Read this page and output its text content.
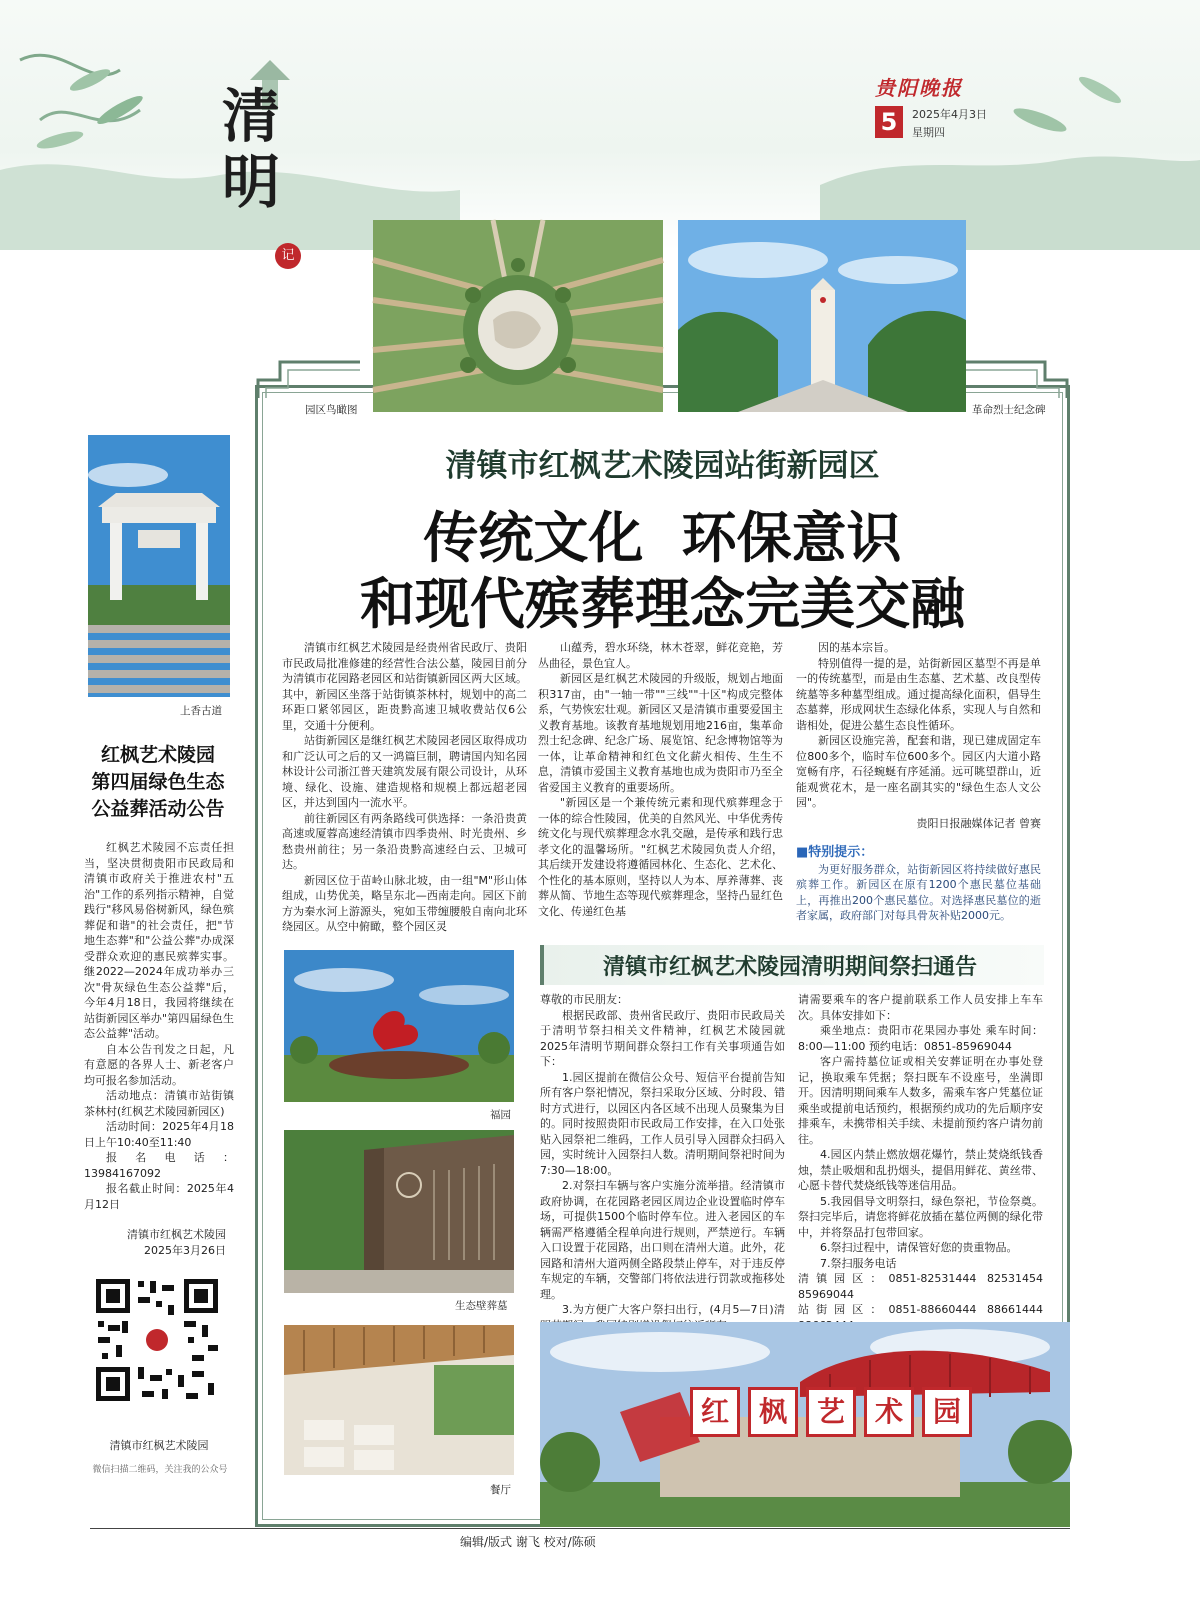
清明
记
贵阳晚报
5	2025年4月3日
星期四
园区鸟瞰图	革命烈士纪念碑
清镇市红枫艺术陵园站街新园区
传统文化  环保意识
和现代殡葬理念完美交融

清镇市红枫艺术陵园是经贵州省民政厅、贵阳市民政局批准修建的经营性合法公墓，陵园目前分为清镇市花园路老园区和站街镇新园区两大区域。其中，新园区坐落于站街镇茶林村，规划中的高二环距口紧邻园区，距贵黔高速卫城收费站仅6公里，交通十分便利。

站街新园区是继红枫艺术陵园老园区取得成功和广泛认可之后的又一鸿篇巨制，聘请国内知名园林设计公司浙江普天建筑发展有限公司设计，从环境、绿化、设施、建造规格和规模上都远超老园区，并达到国内一流水平。

前往新园区有两条路线可供选择：一条沿贵黄高速或厦蓉高速经清镇市四季贵州、时光贵州、乡愁贵州前往；另一条沿贵黔高速经白云、卫城可达。

新园区位于苗岭山脉北坡，由一组"M"形山体组成，山势优美，略呈东北—西南走向。园区下前方为秦水河上游源头，宛如玉带缠腰般自南向北环绕园区。从空中俯瞰，整个园区灵

山蕴秀，碧水环绕，林木苍翠，鲜花竞艳，芳丛曲径，景色宜人。

新园区是红枫艺术陵园的升级版，规划占地面积317亩，由"一轴一带""三线""十区"构成完整体系，气势恢宏壮观。新园区又是清镇市重要爱国主义教育基地。该教育基地规划用地216亩，集革命烈士纪念碑、纪念广场、展览馆、纪念博物馆等为一体，让革命精神和红色文化薪火相传、生生不息，清镇市爱国主义教育基地也成为贵阳市乃至全省爱国主义教育的重要场所。

"新园区是一个兼传统元素和现代殡葬理念于一体的综合性陵园，优美的自然风光、中华优秀传统文化与现代殡葬理念水乳交融，是传承和践行忠孝文化的温馨场所。"红枫艺术陵园负责人介绍，其后续开发建设将遵循园林化、生态化、艺术化、个性化的基本原则，坚持以人为本、厚养薄葬、丧葬从简、节地生态等现代殡葬理念，坚持凸显红色文化、传递红色基

因的基本宗旨。

特别值得一提的是，站街新园区墓型不再是单一的传统墓型，而是由生态墓、艺术墓、改良型传统墓等多种墓型组成。通过提高绿化面积，倡导生态墓葬，形成网状生态绿化体系，实现人与自然和谐相处，促进公墓生态良性循环。

新园区设施完善，配套和谐，现已建成固定车位800多个，临时车位600多个。园区内大道小路宽畅有序，石径蜿蜒有序延涌。远可眺望群山，近能观赏花木，是一座名副其实的"绿色生态人文公园"。

贵阳日报融媒体记者 曾赛
■特别提示：

为更好服务群众，站街新园区将持续做好惠民殡葬工作。新园区在原有1200个惠民墓位基础上，再推出200个惠民墓位。对选择惠民墓位的逝者家属，政府部门对每具骨灰补贴2000元。

福园
生态壁葬墓
餐厅
清镇市红枫艺术陵园清明期间祭扫通告

尊敬的市民朋友：

根据民政部、贵州省民政厅、贵阳市民政局关于清明节祭扫相关文件精神，红枫艺术陵园就2025年清明节期间群众祭扫工作有关事项通告如下：

1.园区提前在微信公众号、短信平台提前告知所有客户祭祀情况，祭扫采取分区域、分时段、错时方式进行，以园区内各区域不出现人员聚集为目的。同时按照贵阳市民政局工作安排，在入口处张贴入园祭祀二维码，工作人员引导入园群众扫码入园，实时统计入园祭扫人数。清明期间祭祀时间为7:30—18:00。

2.对祭扫车辆与客户实施分流举措。经清镇市政府协调，在花园路老园区周边企业设置临时停车场，可提供1500个临时停车位。进入老园区的车辆需严格遵循全程单向进行规则，严禁逆行。车辆入口设置于花园路，出口则在清州大道。此外，花园路和清州大道两侧全路段禁止停车，对于违反停车规定的车辆，交警部门将依法进行罚款或拖移处理。

3.为方便广大客户祭扫出行，(4月5—7日)清

请需要乘车的客户提前联系工作人员安排上车车次。具体安排如下：

乘坐地点：贵阳市花果园办事处 乘车时间：8:00—11:00 预约电话：0851-85969044

客户需持墓位证或相关安葬证明在办事处登记，换取乘车凭据；祭扫既车不设座号，坐满即开。因清明期间乘车人数多，需乘车客户凭墓位证乘坐或提前电话预约，根据预约成功的先后顺序安排乘车，未携带相关手续、未提前预约客户请勿前往。

4.园区内禁止燃放烟花爆竹，禁止焚烧纸钱香烛，禁止吸烟和乱扔烟头，提倡用鲜花、黄丝带、心愿卡替代焚烧纸钱等迷信用品。

5.我园倡导文明祭扫，绿色祭祀，节俭祭奠。祭扫完毕后，请您将鲜花放插在墓位两侧的绿化带中，并将祭品打包带回家。

6.祭扫过程中，请保管好您的贵重物品。

7.祭扫服务电话

清镇园区：0851-82531444 82531454 85969044
站街园区：0851-88660444 88661444
红	枫	艺	术	园
上香古道
红枫艺术陵园
第四届绿色生态
公益葬活动公告

红枫艺术陵园不忘责任担当，坚决贯彻贵阳市民政局和清镇市政府关于推进农村"五治"工作的系列指示精神，自觉践行"移风易俗树新风，绿色殡葬促和谐"的社会责任，把"节地生态葬"和"公益公葬"办成深受群众欢迎的惠民殡葬实事。继2022—2024年成功举办三次"骨灰绿色生态公益葬"后，今年4月18日，我园将继续在站街新园区举办"第四届绿色生态公益葬"活动。

自本公告刊发之日起，凡有意愿的各界人士、新老客户均可报名参加活动。

活动地点：清镇市站街镇茶林村(红枫艺术陵园新园区)

活动时间：2025年4月18日上午10:40至11:40

报名电话：13984167092

报名截止时间：2025年4月12日

清镇市红枫艺术陵园
2025年3月26日
清镇市红枫艺术陵园
微信扫描二维码，关注我的公众号
编辑/版式 谢飞 校对/陈硕
